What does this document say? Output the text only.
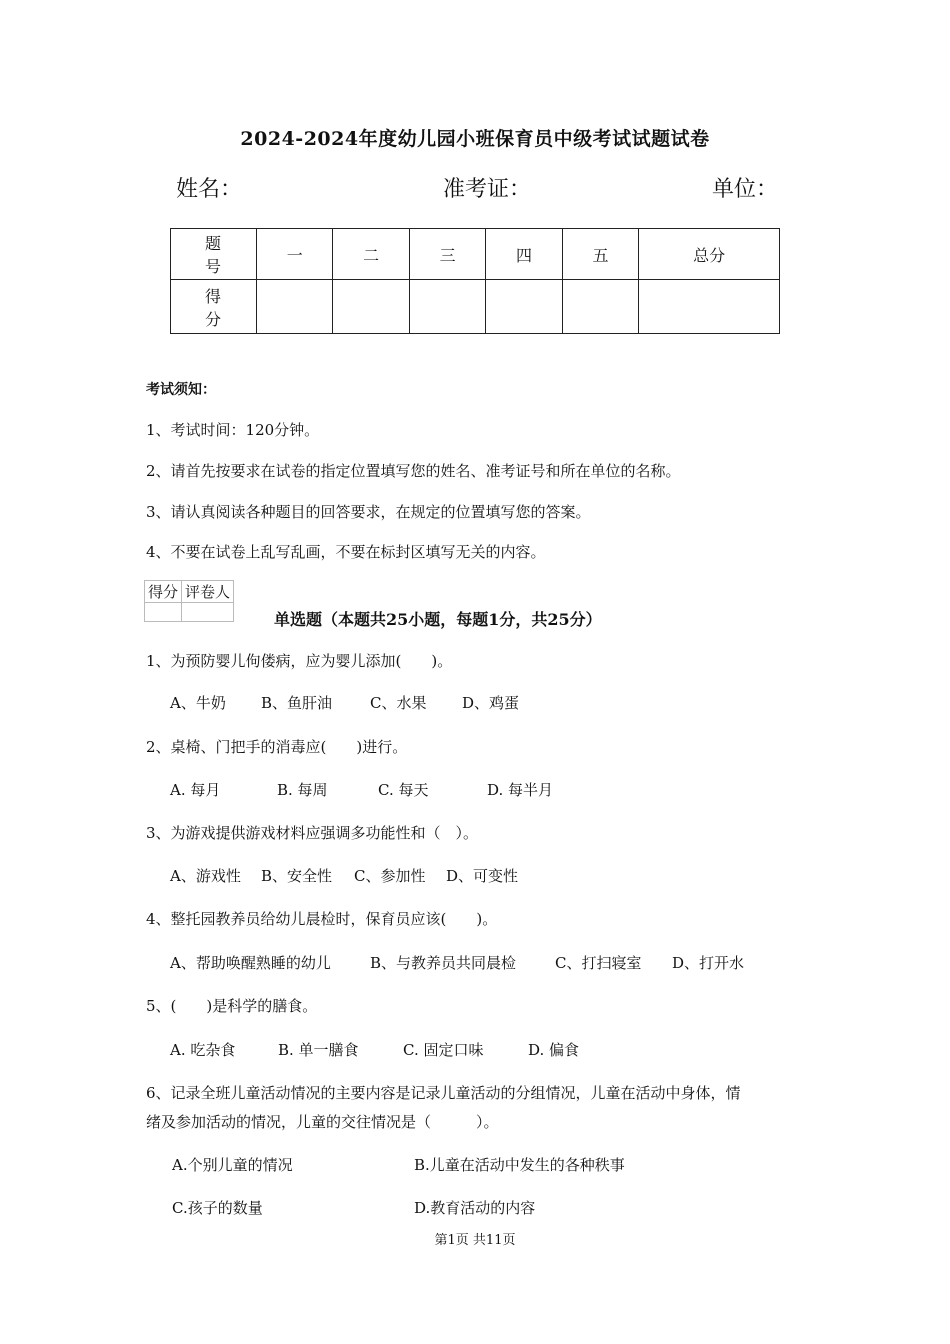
2024-2024年度幼儿园小班保育员中级考试试题试卷
姓名：	准考证：	单位：
题 号	一	二	三	四	五	总分
得 分						
考试须知：
1、考试时间：120分钟。
2、请首先按要求在试卷的指定位置填写您的姓名、准考证号和所在单位的名称。
3、请认真阅读各种题目的回答要求，在规定的位置填写您的答案。
4、不要在试卷上乱写乱画，不要在标封区填写无关的内容。
得分	评卷人

单选题（本题共25小题，每题1分，共25分）
1、为预防婴儿佝偻病，应为婴儿添加(　　)。
A、牛奶 B、鱼肝油	C、水果 D、鸡蛋
2、桌椅、门把手的消毒应(　　)进行。
A. 每月	B. 每周	C. 每天	D. 每半月
3、为游戏提供游戏材料应强调多功能性和（　）。
A、游戏性 B、安全性 C、参加性 D、可变性
4、整托园教养员给幼儿晨检时，保育员应该(　　)。
A、帮助唤醒熟睡的幼儿	B、与教养员共同晨检	C、打扫寝室 D、打开水
5、(　　)是科学的膳食。
A. 吃杂食	B. 单一膳食	C. 固定口味	D. 偏食
6、记录全班儿童活动情况的主要内容是记录儿童活动的分组情况，儿童在活动中身体，情
绪及参加活动的情况，儿童的交往情况是（　　　）。
A.个别儿童的情况	B.儿童在活动中发生的各种秩事
C.孩子的数量	D.教育活动的内容
第1页 共11页
